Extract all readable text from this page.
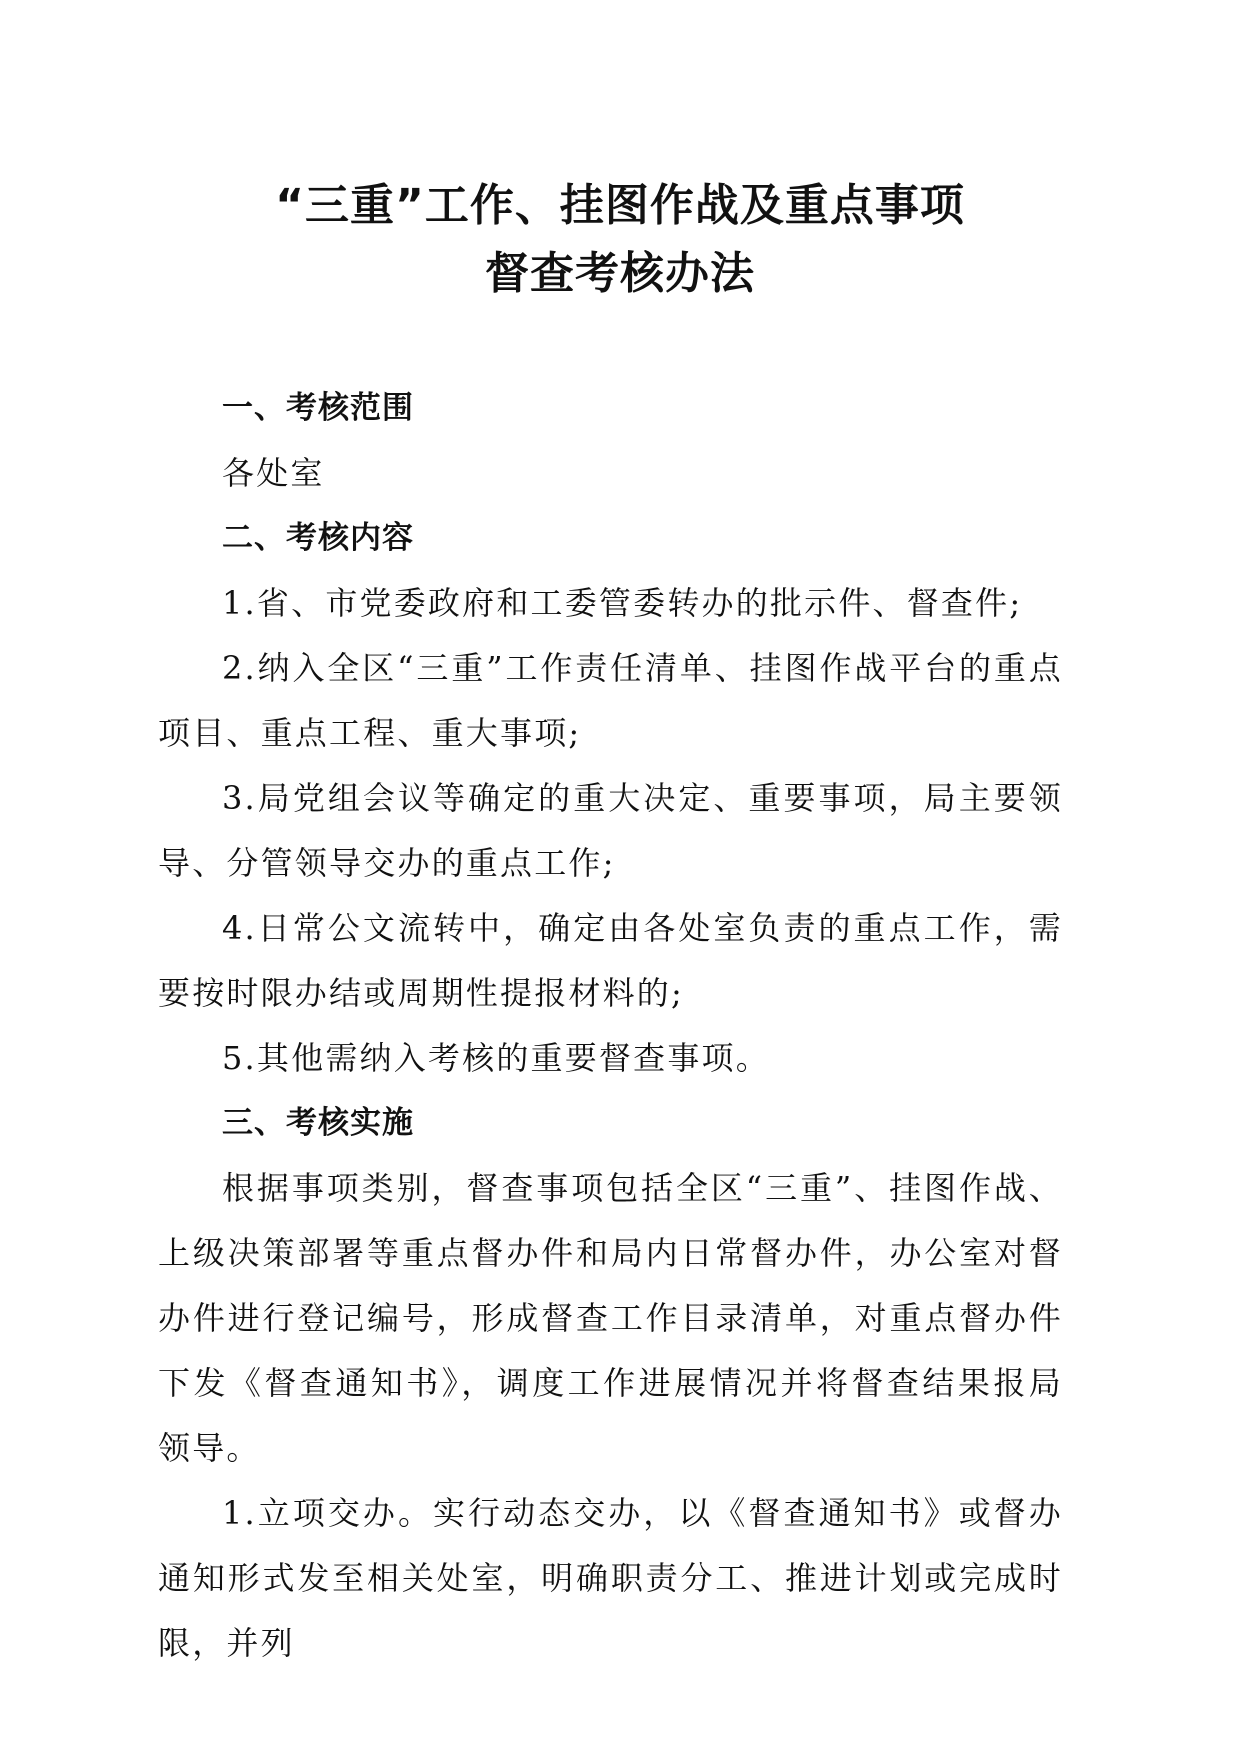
“三重”工作、挂图作战及重点事项
督查考核办法

一、考核范围

各处室

二、考核内容

1.省、市党委政府和工委管委转办的批示件、督查件;

2.纳入全区“三重”工作责任清单、挂图作战平台的重点项目、重点工程、重大事项;

3.局党组会议等确定的重大决定、重要事项，局主要领导、分管领导交办的重点工作;

4.日常公文流转中，确定由各处室负责的重点工作，需要按时限办结或周期性提报材料的;

5.其他需纳入考核的重要督查事项。

三、考核实施

根据事项类别，督查事项包括全区“三重”、挂图作战、上级决策部署等重点督办件和局内日常督办件，办公室对督办件进行登记编号，形成督查工作目录清单，对重点督办件下发《督查通知书》，调度工作进展情况并将督查结果报局领导。

1.立项交办。实行动态交办，以《督查通知书》或督办通知形式发至相关处室，明确职责分工、推进计划或完成时限，并列
